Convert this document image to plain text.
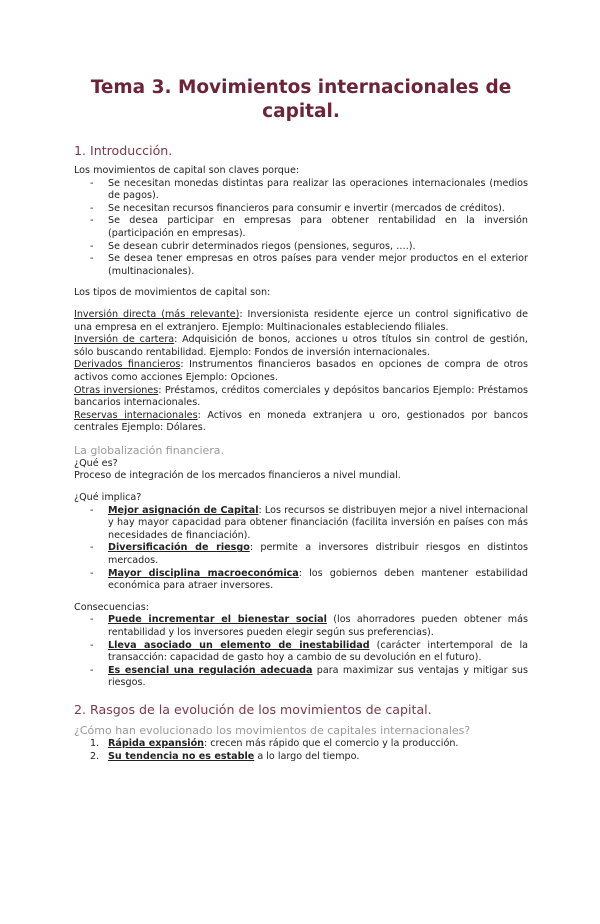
Tema 3. Movimientos internacionales de capital.
1. Introducción.

Los movimientos de capital son claves porque:

- Se necesitan monedas distintas para realizar las operaciones internacionales (medios de pagos).
- Se necesitan recursos financieros para consumir e invertir (mercados de créditos).
- Se desea participar en empresas para obtener rentabilidad en la inversión (participación en empresas).
- Se desean cubrir determinados riegos (pensiones, seguros, ….).
- Se desea tener empresas en otros países para vender mejor productos en el exterior (multinacionales).

Los tipos de movimientos de capital son:

Inversión directa (más relevante): Inversionista residente ejerce un control significativo de una empresa en el extranjero. Ejemplo: Multinacionales estableciendo filiales.

Inversión de cartera: Adquisición de bonos, acciones u otros títulos sin control de gestión, sólo buscando rentabilidad. Ejemplo: Fondos de inversión internacionales.

Derivados financieros: Instrumentos financieros basados en opciones de compra de otros activos como acciones Ejemplo: Opciones.

Otras inversiones: Préstamos, créditos comerciales y depósitos bancarios Ejemplo: Préstamos bancarios internacionales.

Reservas internacionales: Activos en moneda extranjera u oro, gestionados por bancos centrales Ejemplo: Dólares.

La globalización financiera.

¿Qué es?

Proceso de integración de los mercados financieros a nivel mundial.

¿Qué implica?

- Mejor asignación de Capital: Los recursos se distribuyen mejor a nivel internacional y hay mayor capacidad para obtener financiación (facilita inversión en países con más necesidades de financiación).
- Diversificación de riesgo: permite a inversores distribuir riesgos en distintos mercados.
- Mayor disciplina macroeconómica: los gobiernos deben mantener estabilidad económica para atraer inversores.

Consecuencias:

- Puede incrementar el bienestar social (los ahorradores pueden obtener más rentabilidad y los inversores pueden elegir según sus preferencias).
- Lleva asociado un elemento de inestabilidad (carácter intertemporal de la transacción: capacidad de gasto hoy a cambio de su devolución en el futuro).
- Es esencial una regulación adecuada para maximizar sus ventajas y mitigar sus riesgos.
2. Rasgos de la evolución de los movimientos de capital.
¿Cómo han evolucionado los movimientos de capitales internacionales?
1. Rápida expansión: crecen más rápido que el comercio y la producción.
2. Su tendencia no es estable a lo largo del tiempo.
